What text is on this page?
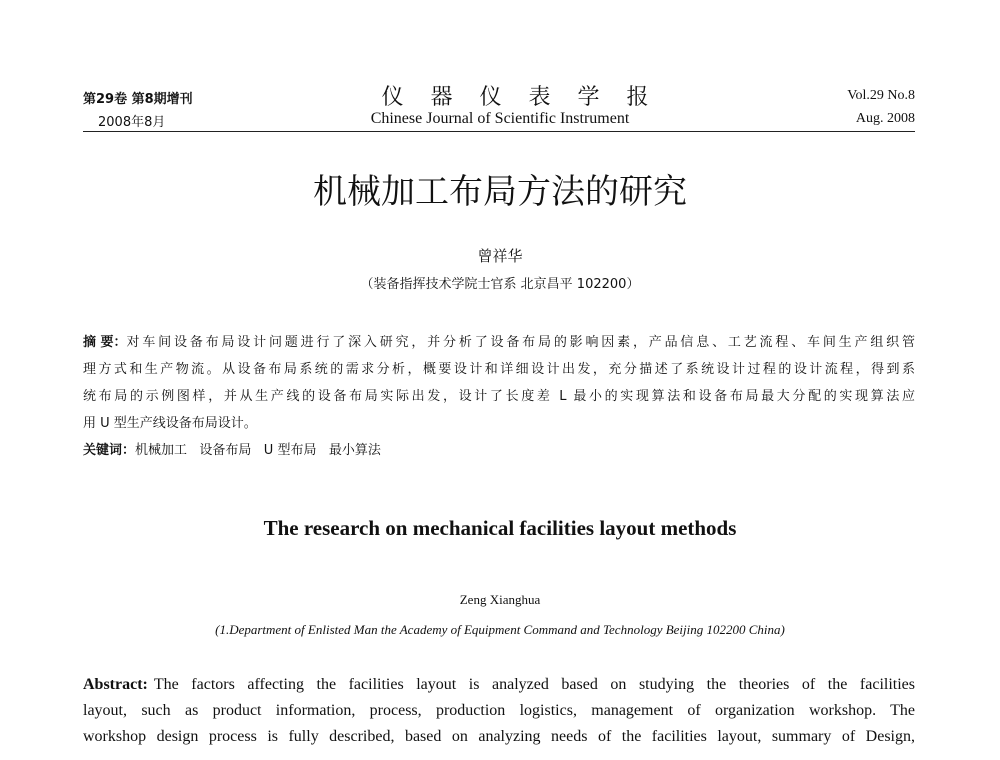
第29卷 第8期增刊
2008年8月
仪 器 仪 表 学 报
Chinese Journal of Scientific Instrument
Vol.29 No.8
Aug. 2008
机械加工布局方法的研究
曾祥华
（装备指挥技术学院士官系 北京昌平 102200）
摘 要： 对车间设备布局设计问题进行了深入研究，并分析了设备布局的影响因素，产品信息、工艺流程、车间生产组织管
理方式和生产物流。从设备布局系统的需求分析，概要设计和详细设计出发，充分描述了系统设计过程的设计流程，得到系
统布局的示例图样，并从生产线的设备布局实际出发，设计了长度差 L 最小的实现算法和设备布局最大分配的实现算法应
用 U 型生产线设备布局设计。
关键词：机械加工   设备布局   U 型布局   最小算法
The research on mechanical facilities layout methods
Zeng Xianghua
(1.Department of Enlisted Man the Academy of Equipment Command and Technology Beijing 102200 China)
Abstract: The factors affecting the facilities layout is analyzed based on studying the theories of the facilities
layout, such as product information, process, production logistics, management of organization workshop. The
workshop design process is fully described, based on analyzing needs of the facilities layout, summary of Design,
